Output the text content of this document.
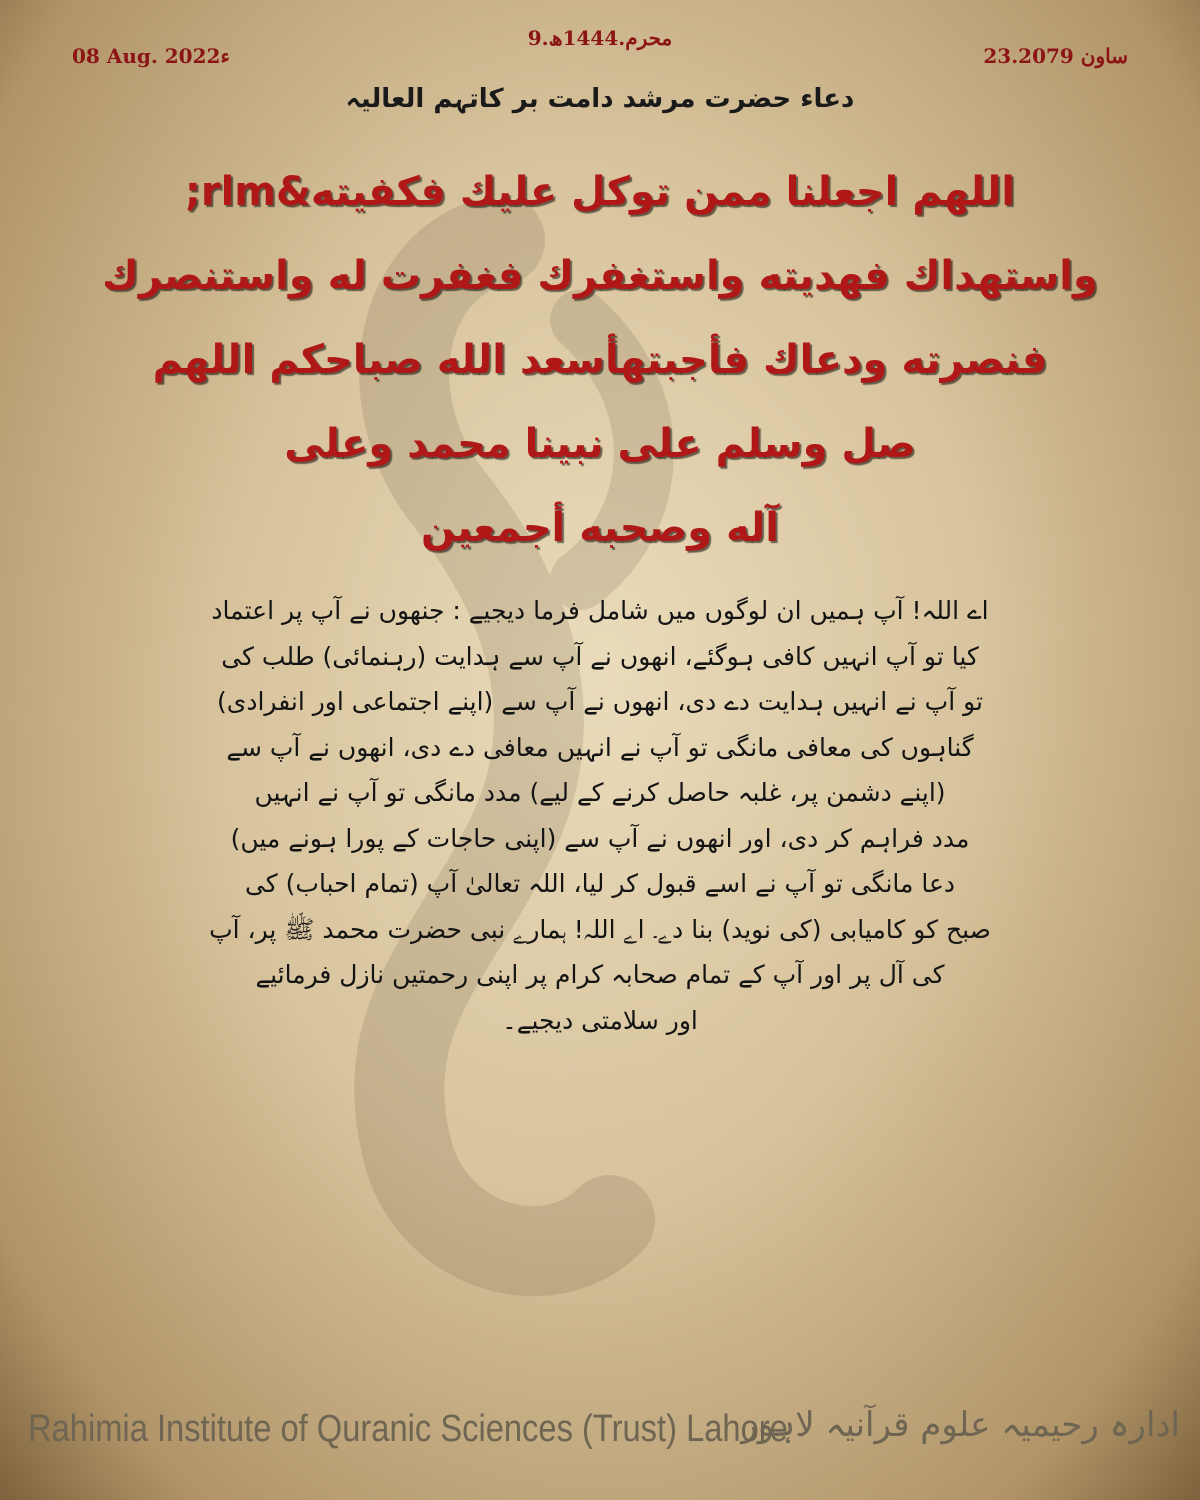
08 Aug. 2022ء
9.محرم.1444ھ
23.ساون 2079
دعاء حضرت مرشد دامت بر کاتہم العالیہ
اللهم اجعلنا ممن توكل عليك فكفيته&rlm;
واستهداك فهديته واستغفرك فغفرت له واستنصرك
فنصرته ودعاك فأجبتهأسعد الله صباحكم اللهم
صل وسلم على نبينا محمد وعلى
آله وصحبه أجمعين
اے اللہ! آپ ہمیں ان لوگوں میں شامل فرما دیجیے : جنھوں نے آپ پر اعتماد
کیا تو آپ انہیں کافی ہوگئے، انھوں نے آپ سے ہدایت (رہنمائی) طلب کی
تو آپ نے انہیں ہدایت دے دی، انھوں نے آپ سے (اپنے اجتماعی اور انفرادی)
گناہوں کی معافی مانگی تو آپ نے انہیں معافی دے دی، انھوں نے آپ سے
(اپنے دشمن پر، غلبہ حاصل کرنے کے لیے) مدد مانگی تو آپ نے انہیں
مدد فراہم کر دی، اور انھوں نے آپ سے (اپنی حاجات کے پورا ہونے میں)
دعا مانگی تو آپ نے اسے قبول کر لیا، اللہ تعالیٰ آپ (تمام احباب) کی
صبح کو کامیابی (کی نوید) بنا دے۔ اے اللہ! ہمارے نبی حضرت محمد ﷺ پر، آپ
کی آل پر اور آپ کے تمام صحابہ کرام پر اپنی رحمتیں نازل فرمائیے
اور سلامتی دیجیے۔
Rahimia Institute of Quranic Sciences (Trust) Lahore
ادارہ رحیمیہ علوم قرآنیہ لاہور
